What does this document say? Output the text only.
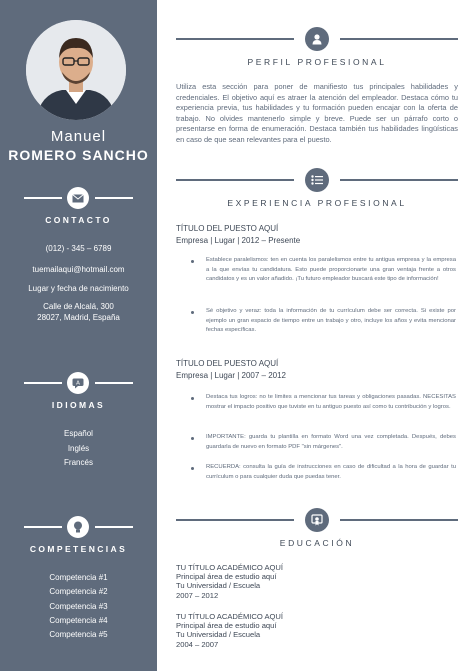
Manuel
ROMERO SANCHO
CONTACTO
(012) - 345 – 6789
tuemailaqui@hotmail.com
Lugar y fecha de nacimiento
Calle de Alcalá, 300
28027, Madrid, España
A
IDIOMAS
Español
Inglés
Francés
COMPETENCIAS
Competencia #1
Competencia #2
Competencia #3
Competencia #4
Competencia #5
PERFIL PROFESIONAL
Utiliza esta sección para poner de manifiesto tus principales habilidades y credenciales. El objetivo aquí es atraer la atención del empleador. Destaca cómo tu experiencia previa, tus habilidades y tu formación pueden encajar con la oferta de trabajo. No olvides mantenerlo simple y breve. Puede ser un párrafo corto o presentarse en forma de enumeración. Destaca también tus habilidades lingüísticas en caso de que sean relevantes para el puesto.
EXPERIENCIA PROFESIONAL
TÍTULO DEL PUESTO AQUÍ
Empresa | Lugar | 2012 – Presente
Establece paralelismos: ten en cuenta los paralelismos entre tu antigua empresa y la empresa a la que envías tu candidatura. Esto puede proporcionarte una gran ventaja frente a otros candidatos y es un valor añadido. ¡Tu futuro empleador buscará este tipo de información!
Sé objetivo y veraz: toda la información de tu currículum debe ser correcta. Si existe por ejemplo un gran espacio de tiempo entre un trabajo y otro, incluye los años y evita mencionar fechas específicas.
TÍTULO DEL PUESTO AQUÍ
Empresa | Lugar | 2007 – 2012
Destaca tus logros: no te limites a mencionar tus tareas y obligaciones pasadas. NECESITAS mostrar el impacto positivo que tuviste en tu antiguo puesto así como tu contribución y logros.
IMPORTANTE: guarda tu plantilla en formato Word una vez completada. Después, debes guardarla de nuevo en formato PDF "sin márgenes".
RECUERDA: consulta la guía de instrucciones en caso de dificultad a la hora de guardar tu currículum o para cualquier duda que puedas tener.
EDUCACIÓN
TU TÍTULO ACADÉMICO AQUÍ
Principal área de estudio aquí
Tu Universidad / Escuela
2007 – 2012
TU TÍTULO ACADÉMICO AQUÍ
Principal área de estudio aquí
Tu Universidad / Escuela
2004 – 2007
